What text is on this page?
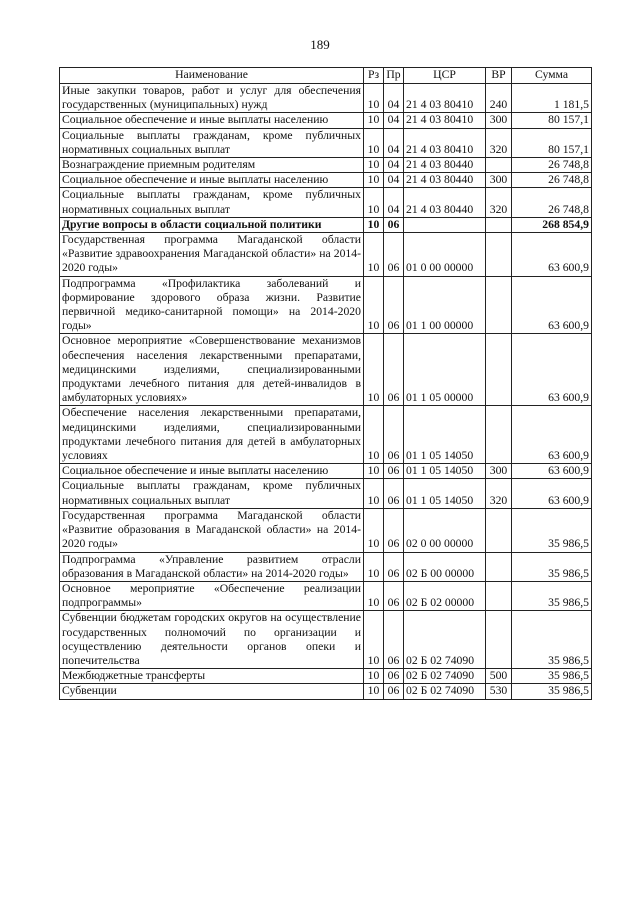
189
Наименование	Рз	Пр	ЦСР	ВР	Сумма
Иные закупки товаров, работ и услуг для обеспечения государственных (муниципальных) нужд	10	04	21 4 03 80410	240	1 181,5
Социальное обеспечение и иные выплаты населению	10	04	21 4 03 80410	300	80 157,1
Социальные выплаты гражданам, кроме публичных нормативных социальных выплат	10	04	21 4 03 80410	320	80 157,1
Вознаграждение приемным родителям	10	04	21 4 03 80440		26 748,8
Социальное обеспечение и иные выплаты населению	10	04	21 4 03 80440	300	26 748,8
Социальные выплаты гражданам, кроме публичных нормативных социальных выплат	10	04	21 4 03 80440	320	26 748,8
Другие вопросы в области социальной политики	10	06			268 854,9
Государственная программа Магаданской области «Развитие здравоохранения Магаданской области» на 2014-2020 годы»	10	06	01 0 00 00000		63 600,9
Подпрограмма «Профилактика заболеваний и формирование здорового образа жизни. Развитие первичной медико-санитарной помощи» на 2014-2020 годы»	10	06	01 1 00 00000		63 600,9
Основное мероприятие «Совершенствование механизмов обеспечения населения лекарственными препаратами, медицинскими изделиями, специализированными продуктами лечебного питания для детей-инвалидов в амбулаторных условиях»	10	06	01 1 05 00000		63 600,9
Обеспечение населения лекарственными препаратами, медицинскими изделиями, специализированными продуктами лечебного питания для детей в амбулаторных условиях	10	06	01 1 05 14050		63 600,9
Социальное обеспечение и иные выплаты населению	10	06	01 1 05 14050	300	63 600,9
Социальные выплаты гражданам, кроме публичных нормативных социальных выплат	10	06	01 1 05 14050	320	63 600,9
Государственная программа Магаданской области «Развитие образования в Магаданской области» на 2014-2020 годы»	10	06	02 0 00 00000		35 986,5
Подпрограмма «Управление развитием отрасли образования в Магаданской области» на 2014-2020 годы»	10	06	02 Б 00 00000		35 986,5
Основное мероприятие «Обеспечение реализации подпрограммы»	10	06	02 Б 02 00000		35 986,5
Субвенции бюджетам городских округов на осуществление государственных полномочий по организации и осуществлению деятельности органов опеки и попечительства	10	06	02 Б 02 74090		35 986,5
Межбюджетные трансферты	10	06	02 Б 02 74090	500	35 986,5
Субвенции	10	06	02 Б 02 74090	530	35 986,5
